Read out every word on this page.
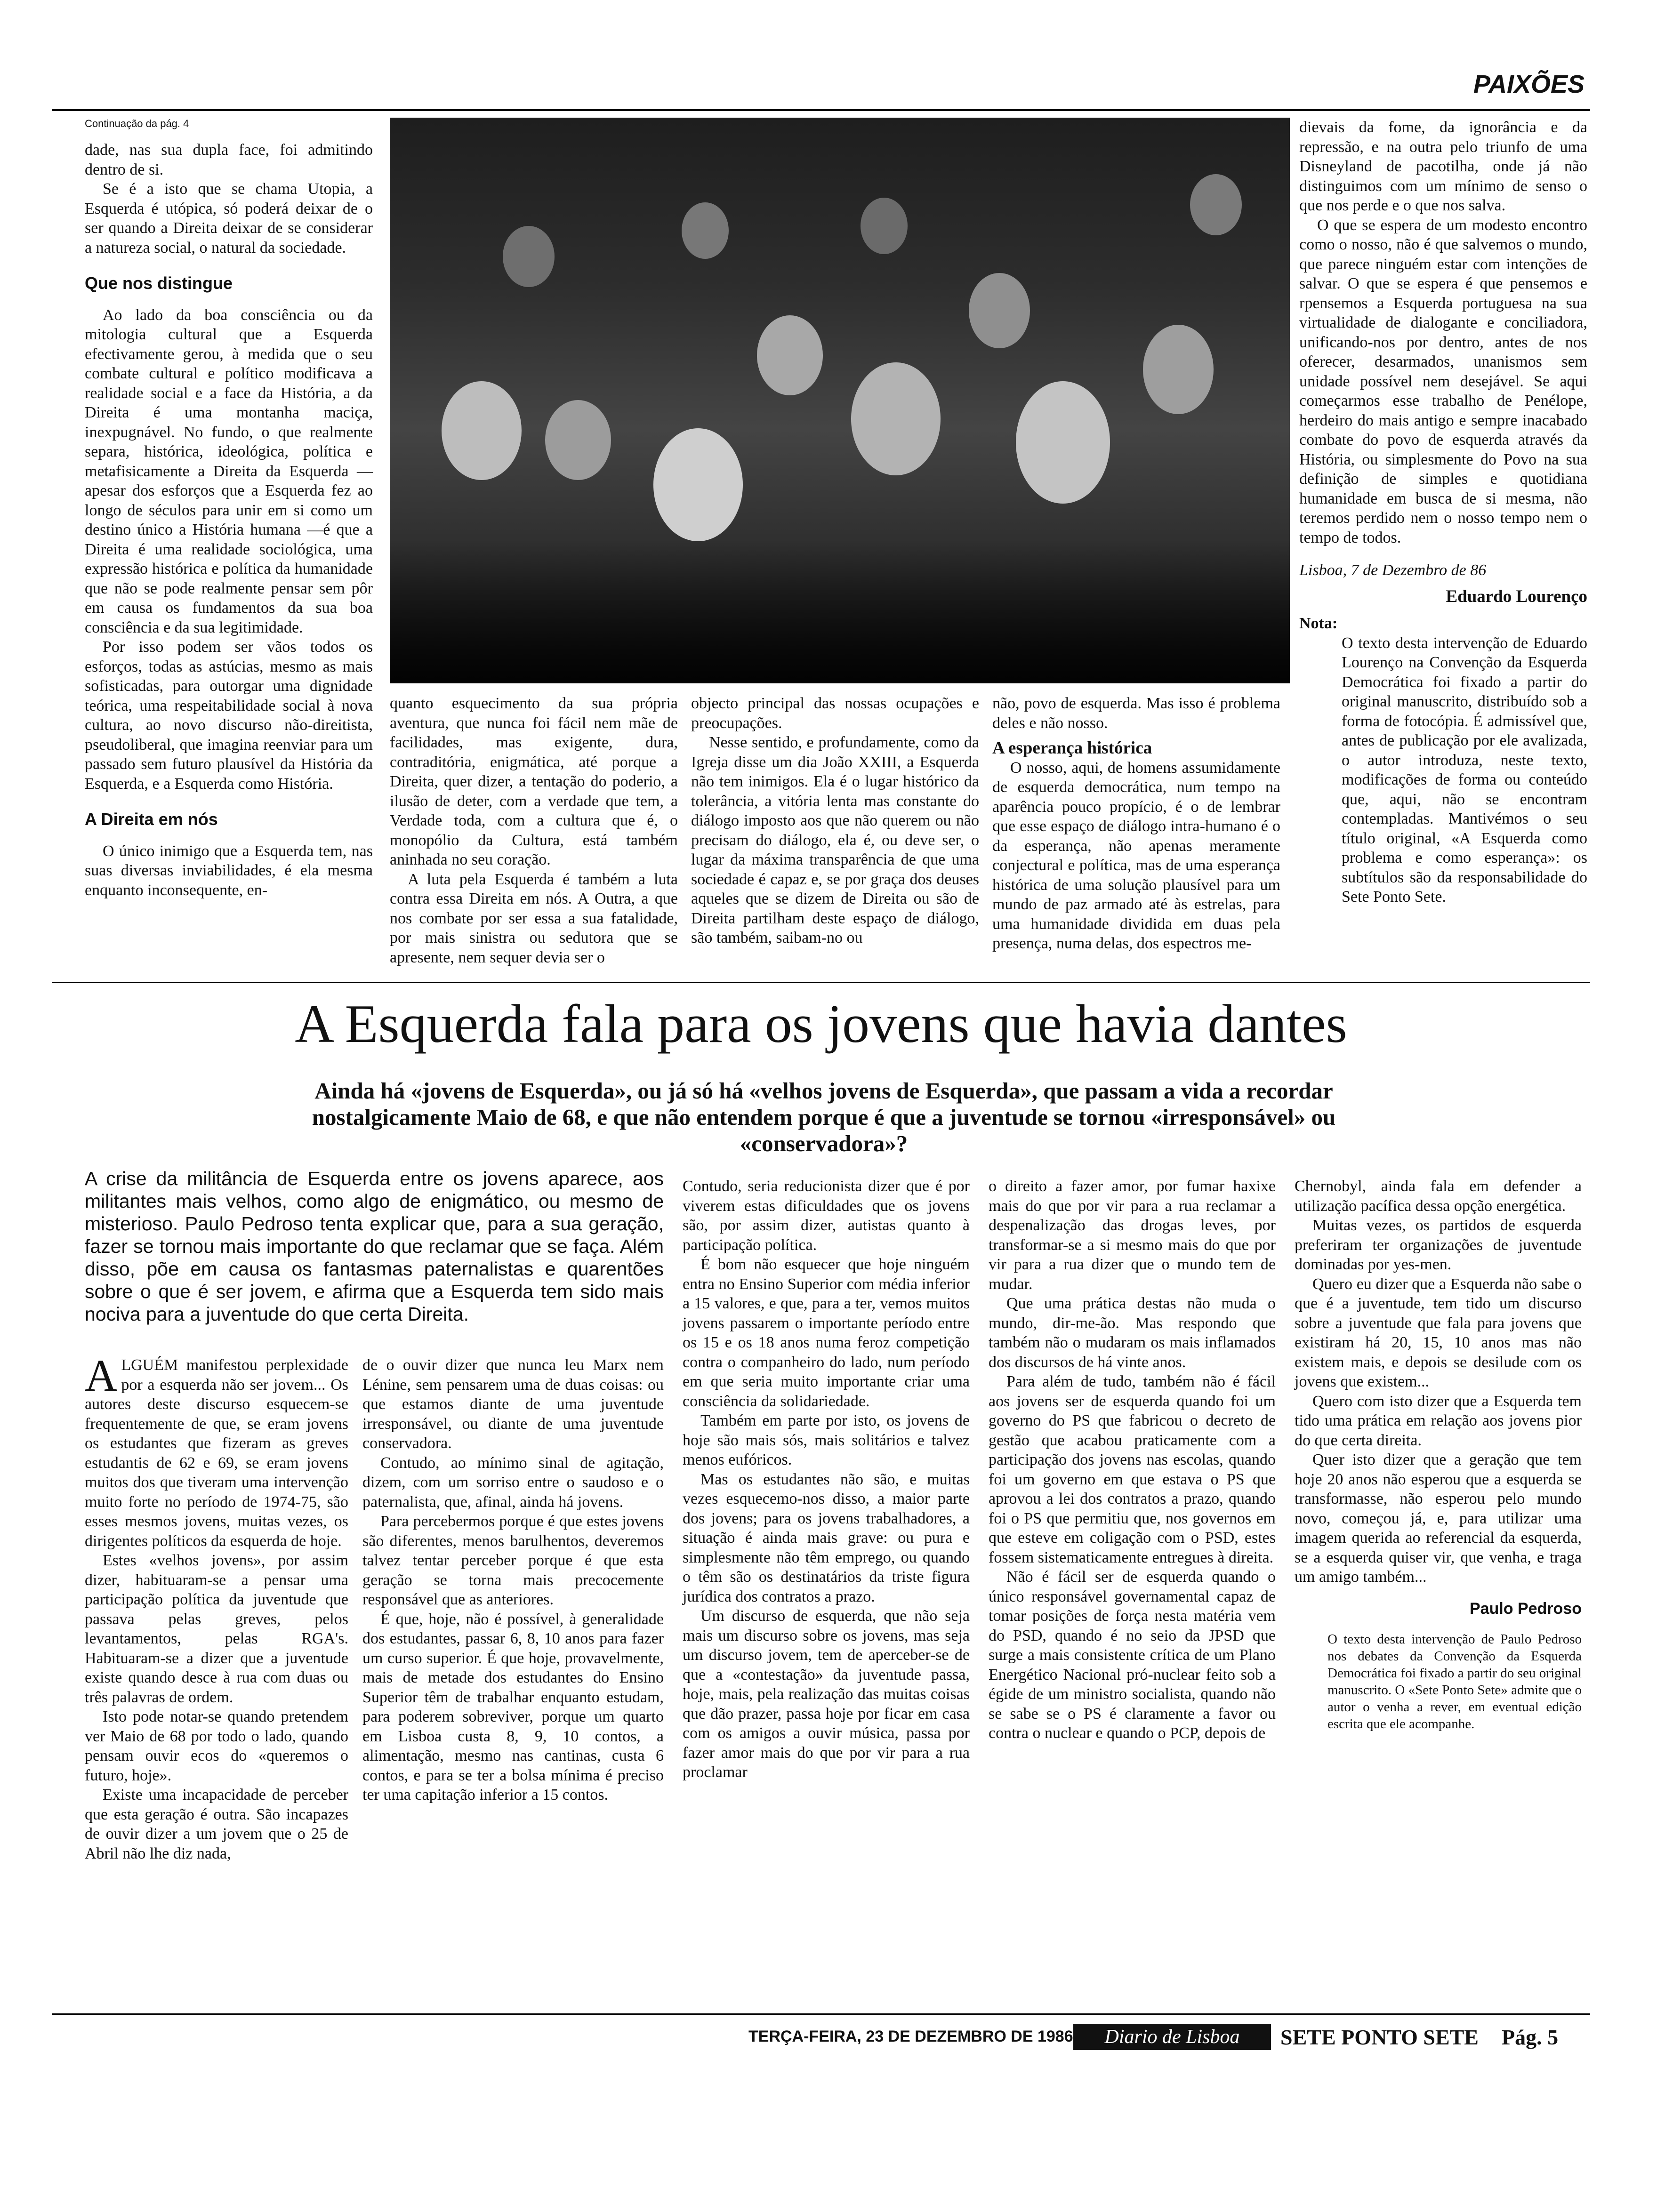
PAIXÕES
Continuação da pág. 4

dade, nas sua dupla face, foi admitindo dentro de si.

Se é a isto que se chama Utopia, a Esquerda é utópica, só poderá deixar de o ser quando a Direita deixar de se considerar a natureza social, o natural da sociedade.

Que nos distingue

Ao lado da boa consciência ou da mitologia cultural que a Esquerda efectivamente gerou, à medida que o seu combate cultural e político modificava a realidade social e a face da História, a da Direita é uma montanha maciça, inexpugnável. No fundo, o que realmente separa, histórica, ideológica, política e metafisicamente a Direita da Esquerda — apesar dos esforços que a Esquerda fez ao longo de séculos para unir em si como um destino único a História humana —é que a Direita é uma realidade sociológica, uma expressão histórica e política da humanidade que não se pode realmente pensar sem pôr em causa os fundamentos da sua boa consciência e da sua legitimidade.

Por isso podem ser vãos todos os esforços, todas as astúcias, mesmo as mais sofisticadas, para outorgar uma dignidade teórica, uma respeitabilidade social à nova cultura, ao novo discurso não-direitista, pseudoliberal, que imagina reenviar para um passado sem futuro plausível da História da Esquerda, e a Esquerda como História.

A Direita em nós

O único inimigo que a Esquerda tem, nas suas diversas inviabilidades, é ela mesma enquanto inconsequente, en-

quanto esquecimento da sua própria aventura, que nunca foi fácil nem mãe de facilidades, mas exigente, dura, contraditória, enigmática, até porque a Direita, quer dizer, a tentação do poderio, a ilusão de deter, com a verdade que tem, a Verdade toda, com a cultura que é, o monopólio da Cultura, está também aninhada no seu coração.

A luta pela Esquerda é também a luta contra essa Direita em nós. A Outra, a que nos combate por ser essa a sua fatalidade, por mais sinistra ou sedutora que se apresente, nem sequer devia ser o

objecto principal das nossas ocupações e preocupações.

Nesse sentido, e profundamente, como da Igreja disse um dia João XXIII, a Esquerda não tem inimigos. Ela é o lugar histórico da tolerância, a vitória lenta mas constante do diálogo imposto aos que não querem ou não precisam do diálogo, ela é, ou deve ser, o lugar da máxima transparência de que uma sociedade é capaz e, se por graça dos deuses aqueles que se dizem de Direita ou são de Direita partilham deste espaço de diálogo, são também, saibam-no ou

não, povo de esquerda. Mas isso é problema deles e não nosso.

A esperança histórica

O nosso, aqui, de homens assumidamente de esquerda democrática, num tempo na aparência pouco propício, é o de lembrar que esse espaço de diálogo intra-humano é o da esperança, não apenas meramente conjectural e política, mas de uma esperança histórica de uma solução plausível para um mundo de paz armado até às estrelas, para uma humanidade dividida em duas pela presença, numa delas, dos espectros me-

dievais da fome, da ignorância e da repressão, e na outra pelo triunfo de uma Disneyland de pacotilha, onde já não distinguimos com um mínimo de senso o que nos perde e o que nos salva.

O que se espera de um modesto encontro como o nosso, não é que salvemos o mundo, que parece ninguém estar com intenções de salvar. O que se espera é que pensemos e rpensemos a Esquerda portuguesa na sua virtualidade de dialogante e conciliadora, unificando-nos por dentro, antes de nos oferecer, desarmados, unanismos sem unidade possível nem desejável. Se aqui começarmos esse trabalho de Penélope, herdeiro do mais antigo e sempre inacabado combate do povo de esquerda através da História, ou simplesmente do Povo na sua definição de simples e quotidiana humanidade em busca de si mesma, não teremos perdido nem o nosso tempo nem o tempo de todos.

Lisboa, 7 de Dezembro de 86
Eduardo Lourenço
Nota:
O texto desta intervenção de Eduardo Lourenço na Convenção da Esquerda Democrática foi fixado a partir do original manuscrito, distribuído sob a forma de fotocópia. É admissível que, antes de publicação por ele avalizada, o autor introduza, neste texto, modificações de forma ou conteúdo que, aqui, não se encontram contempladas. Mantivémos o seu título original, «A Esquerda como problema e como esperança»: os subtítulos são da responsabilidade do Sete Ponto Sete.
A Esquerda fala para os jovens que havia dantes
Ainda há «jovens de Esquerda», ou já só há «velhos jovens de Esquerda», que passam a vida a recordar nostalgicamente Maio de 68, e que não entendem porque é que a juventude se tornou «irresponsável» ou «conservadora»?
A crise da militância de Esquerda entre os jovens aparece, aos militantes mais velhos, como algo de enigmático, ou mesmo de misterioso. Paulo Pedroso tenta explicar que, para a sua geração, fazer se tornou mais importante do que reclamar que se faça. Além disso, põe em causa os fantasmas paternalistas e quarentões sobre o que é ser jovem, e afirma que a Esquerda tem sido mais nociva para a juventude do que certa Direita.

ALGUÉM manifestou perplexidade por a esquerda não ser jovem... Os autores deste discurso esquecem-se frequentemente de que, se eram jovens os estudantes que fizeram as greves estudantis de 62 e 69, se eram jovens muitos dos que tiveram uma intervenção muito forte no período de 1974-75, são esses mesmos jovens, muitas vezes, os dirigentes políticos da esquerda de hoje.

Estes «velhos jovens», por assim dizer, habituaram-se a pensar uma participação política da juventude que passava pelas greves, pelos levantamentos, pelas RGA's. Habituaram-se a dizer que a juventude existe quando desce à rua com duas ou três palavras de ordem.

Isto pode notar-se quando pretendem ver Maio de 68 por todo o lado, quando pensam ouvir ecos do «queremos o futuro, hoje».

Existe uma incapacidade de perceber que esta geração é outra. São incapazes de ouvir dizer a um jovem que o 25 de Abril não lhe diz nada,

de o ouvir dizer que nunca leu Marx nem Lénine, sem pensarem uma de duas coisas: ou que estamos diante de uma juventude irresponsável, ou diante de uma juventude conservadora.

Contudo, ao mínimo sinal de agitação, dizem, com um sorriso entre o saudoso e o paternalista, que, afinal, ainda há jovens.

Para percebermos porque é que estes jovens são diferentes, menos barulhentos, deveremos talvez tentar perceber porque é que esta geração se torna mais precocemente responsável que as anteriores.

É que, hoje, não é possível, à generalidade dos estudantes, passar 6, 8, 10 anos para fazer um curso superior. É que hoje, provavelmente, mais de metade dos estudantes do Ensino Superior têm de trabalhar enquanto estudam, para poderem sobreviver, porque um quarto em Lisboa custa 8, 9, 10 contos, a alimentação, mesmo nas cantinas, custa 6 contos, e para se ter a bolsa mínima é preciso ter uma capitação inferior a 15 contos.

Contudo, seria reducionista dizer que é por viverem estas dificuldades que os jovens são, por assim dizer, autistas quanto à participação política.

É bom não esquecer que hoje ninguém entra no Ensino Superior com média inferior a 15 valores, e que, para a ter, vemos muitos jovens passarem o importante período entre os 15 e os 18 anos numa feroz competição contra o companheiro do lado, num período em que seria muito importante criar uma consciência da solidariedade.

Também em parte por isto, os jovens de hoje são mais sós, mais solitários e talvez menos eufóricos.

Mas os estudantes não são, e muitas vezes esquecemo-nos disso, a maior parte dos jovens; para os jovens trabalhadores, a situação é ainda mais grave: ou pura e simplesmente não têm emprego, ou quando o têm são os destinatários da triste figura jurídica dos contratos a prazo.

Um discurso de esquerda, que não seja mais um discurso sobre os jovens, mas seja um discurso jovem, tem de aperceber-se de que a «contestação» da juventude passa, hoje, mais, pela realização das muitas coisas que dão prazer, passa hoje por ficar em casa com os amigos a ouvir música, passa por fazer amor mais do que por vir para a rua proclamar

o direito a fazer amor, por fumar haxixe mais do que por vir para a rua reclamar a despenalização das drogas leves, por transformar-se a si mesmo mais do que por vir para a rua dizer que o mundo tem de mudar.

Que uma prática destas não muda o mundo, dir-me-ão. Mas respondo que também não o mudaram os mais inflamados dos discursos de há vinte anos.

Para além de tudo, também não é fácil aos jovens ser de esquerda quando foi um governo do PS que fabricou o decreto de gestão que acabou praticamente com a participação dos jovens nas escolas, quando foi um governo em que estava o PS que aprovou a lei dos contratos a prazo, quando foi o PS que permitiu que, nos governos em que esteve em coligação com o PSD, estes fossem sistematicamente entregues à direita.

Não é fácil ser de esquerda quando o único responsável governamental capaz de tomar posições de força nesta matéria vem do PSD, quando é no seio da JPSD que surge a mais consistente crítica de um Plano Energético Nacional pró-nuclear feito sob a égide de um ministro socialista, quando não se sabe se o PS é claramente a favor ou contra o nuclear e quando o PCP, depois de

Chernobyl, ainda fala em defender a utilização pacífica dessa opção energética.

Muitas vezes, os partidos de esquerda preferiram ter organizações de juventude dominadas por yes-men.

Quero eu dizer que a Esquerda não sabe o que é a juventude, tem tido um discurso sobre a juventude que fala para jovens que existiram há 20, 15, 10 anos mas não existem mais, e depois se desilude com os jovens que existem...

Quero com isto dizer que a Esquerda tem tido uma prática em relação aos jovens pior do que certa direita.

Quer isto dizer que a geração que tem hoje 20 anos não esperou que a esquerda se transformasse, não esperou pelo mundo novo, começou já, e, para utilizar uma imagem querida ao referencial da esquerda, se a esquerda quiser vir, que venha, e traga um amigo também...

Paulo Pedroso
O texto desta intervenção de Paulo Pedroso nos debates da Convenção da Esquerda Democrática foi fixado a partir do seu original manuscrito. O «Sete Ponto Sete» admite que o autor o venha a rever, em eventual edição escrita que ele acompanhe.
TERÇA-FEIRA, 23 DE DEZEMBRO DE 1986	Diario de Lisboa	SETE PONTO SETE Pág. 5
